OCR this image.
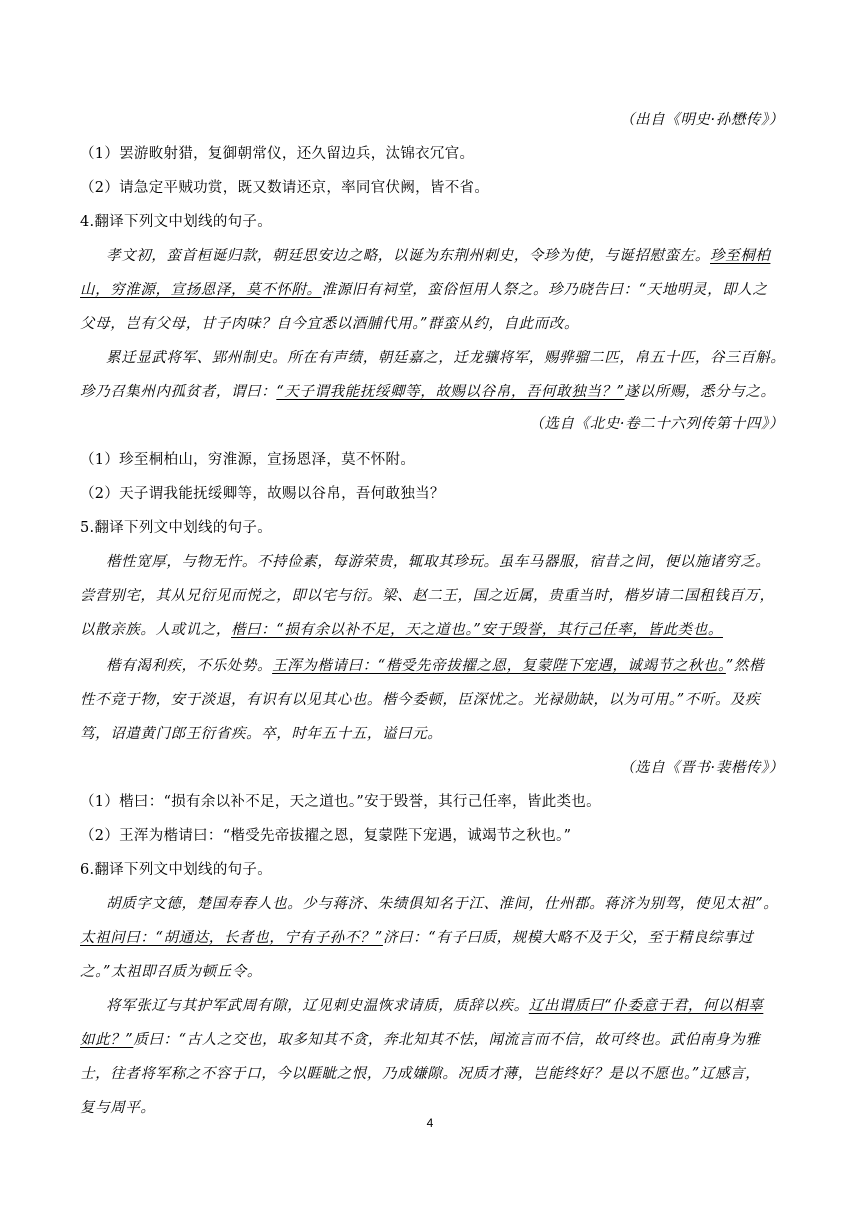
（出自《明史·孙懋传》）
（1）罢游畋射猎，复御朝常仪，还久留边兵，汰锦衣冗官。
（2）请急定平贼功赏，既又数请还京，率同官伏阙，皆不省。
4.翻译下列文中划线的句子。
孝文初，蛮首桓诞归款，朝廷思安边之略，以诞为东荆州刺史，令珍为使，与诞招慰蛮左。珍至桐柏
山，穷淮源，宣扬恩泽，莫不怀附。淮源旧有祠堂，蛮俗恒用人祭之。珍乃晓告曰：“天地明灵，即人之
父母，岂有父母，甘子肉味？自今宜悉以酒脯代用。”群蛮从约，自此而改。
累迁显武将军、郢州制史。所在有声绩，朝廷嘉之，迁龙骧将军，赐骅骝二匹，帛五十匹，谷三百斛。
珍乃召集州内孤贫者，谓曰：“天子谓我能抚绥卿等，故赐以谷帛，吾何敢独当？”遂以所赐，悉分与之。
（选自《北史·卷二十六列传第十四》）
（1）珍至桐柏山，穷淮源，宣扬恩泽，莫不怀附。
（2）天子谓我能抚绥卿等，故赐以谷帛，吾何敢独当？
5.翻译下列文中划线的句子。
楷性宽厚，与物无忤。不持俭素，每游荣贵，辄取其珍玩。虽车马器服，宿昔之间，便以施诸穷乏。
尝营别宅，其从兄衍见而悦之，即以宅与衍。梁、赵二王，国之近属，贵重当时，楷岁请二国租钱百万，
以散亲族。人或讥之，楷曰：“损有余以补不足，天之道也。”安于毁誉，其行己任率，皆此类也。
楷有渴利疾，不乐处势。王浑为楷请曰：“楷受先帝拔擢之恩，复蒙陛下宠遇，诚竭节之秋也。”然楷
性不竞于物，安于淡退，有识有以见其心也。楷今委顿，臣深忧之。光禄勋缺，以为可用。”不听。及疾
笃，诏遣黄门郎王衍省疾。卒，时年五十五，谥曰元。
（选自《晋书·裴楷传》）
（1）楷曰：“损有余以补不足，天之道也。”安于毁誉，其行己任率，皆此类也。
（2）王浑为楷请曰：“楷受先帝拔擢之恩，复蒙陛下宠遇，诚竭节之秋也。”
6.翻译下列文中划线的句子。
胡质字文德，楚国寿春人也。少与蒋济、朱绩俱知名于江、淮间，仕州郡。蒋济为别驾，使见太祖”。
太祖问曰：“胡通达，长者也，宁有子孙不？”济曰：“有子曰质，规模大略不及于父，至于精良综事过
之。”太祖即召质为顿丘令。
将军张辽与其护军武周有隙，辽见刺史温恢求请质，质辞以疾。辽出谓质曰“仆委意于君，何以相辜
如此？”质曰：“古人之交也，取多知其不贪，奔北知其不怯，闻流言而不信，故可终也。武伯南身为雅
士，往者将军称之不容于口，今以睚眦之恨，乃成嫌隙。况质才薄，岂能终好？是以不愿也。”辽感言，
复与周平。
4
